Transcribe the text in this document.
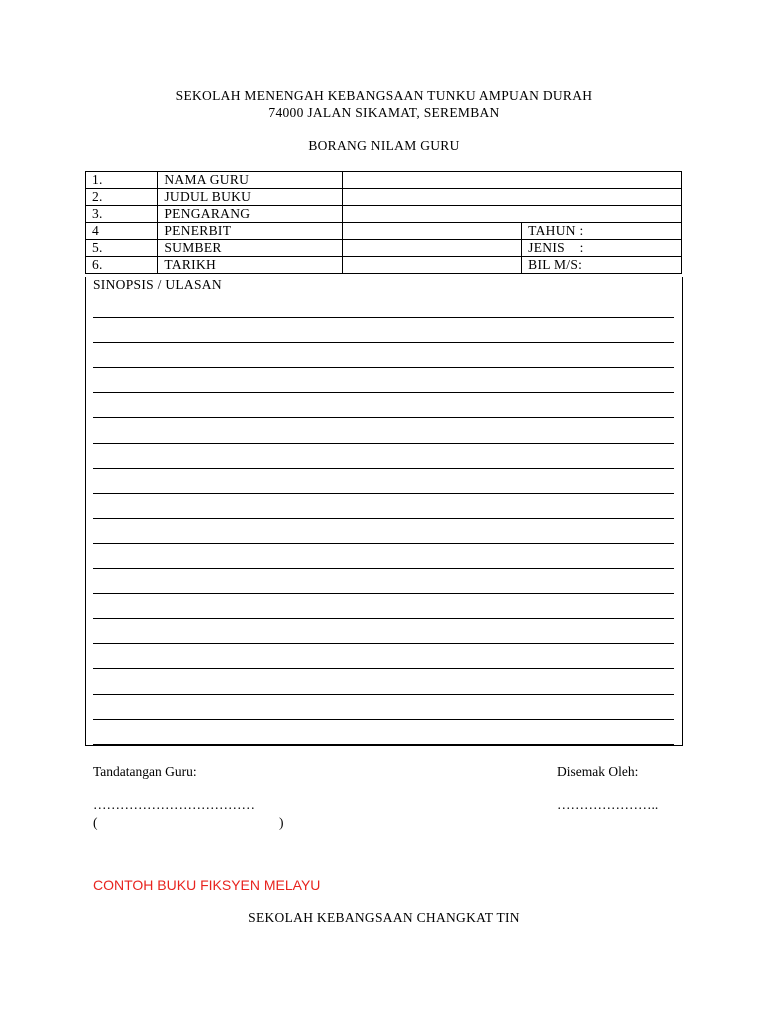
SEKOLAH MENENGAH KEBANGSAAN TUNKU AMPUAN DURAH
74000 JALAN SIKAMAT, SEREMBAN
BORANG NILAM GURU
1.	NAMA GURU		
2.	JUDUL BUKU		
3.	PENGARANG		
4	PENERBIT		TAHUN :
5.	SUMBER		JENIS    :
6.	TARIKH		BIL M/S:
SINOPSIS / ULASAN
Tandatangan Guru:	Disemak Oleh:
………………………………	…………………..
(	)
CONTOH BUKU FIKSYEN MELAYU
SEKOLAH KEBANGSAAN CHANGKAT TIN
